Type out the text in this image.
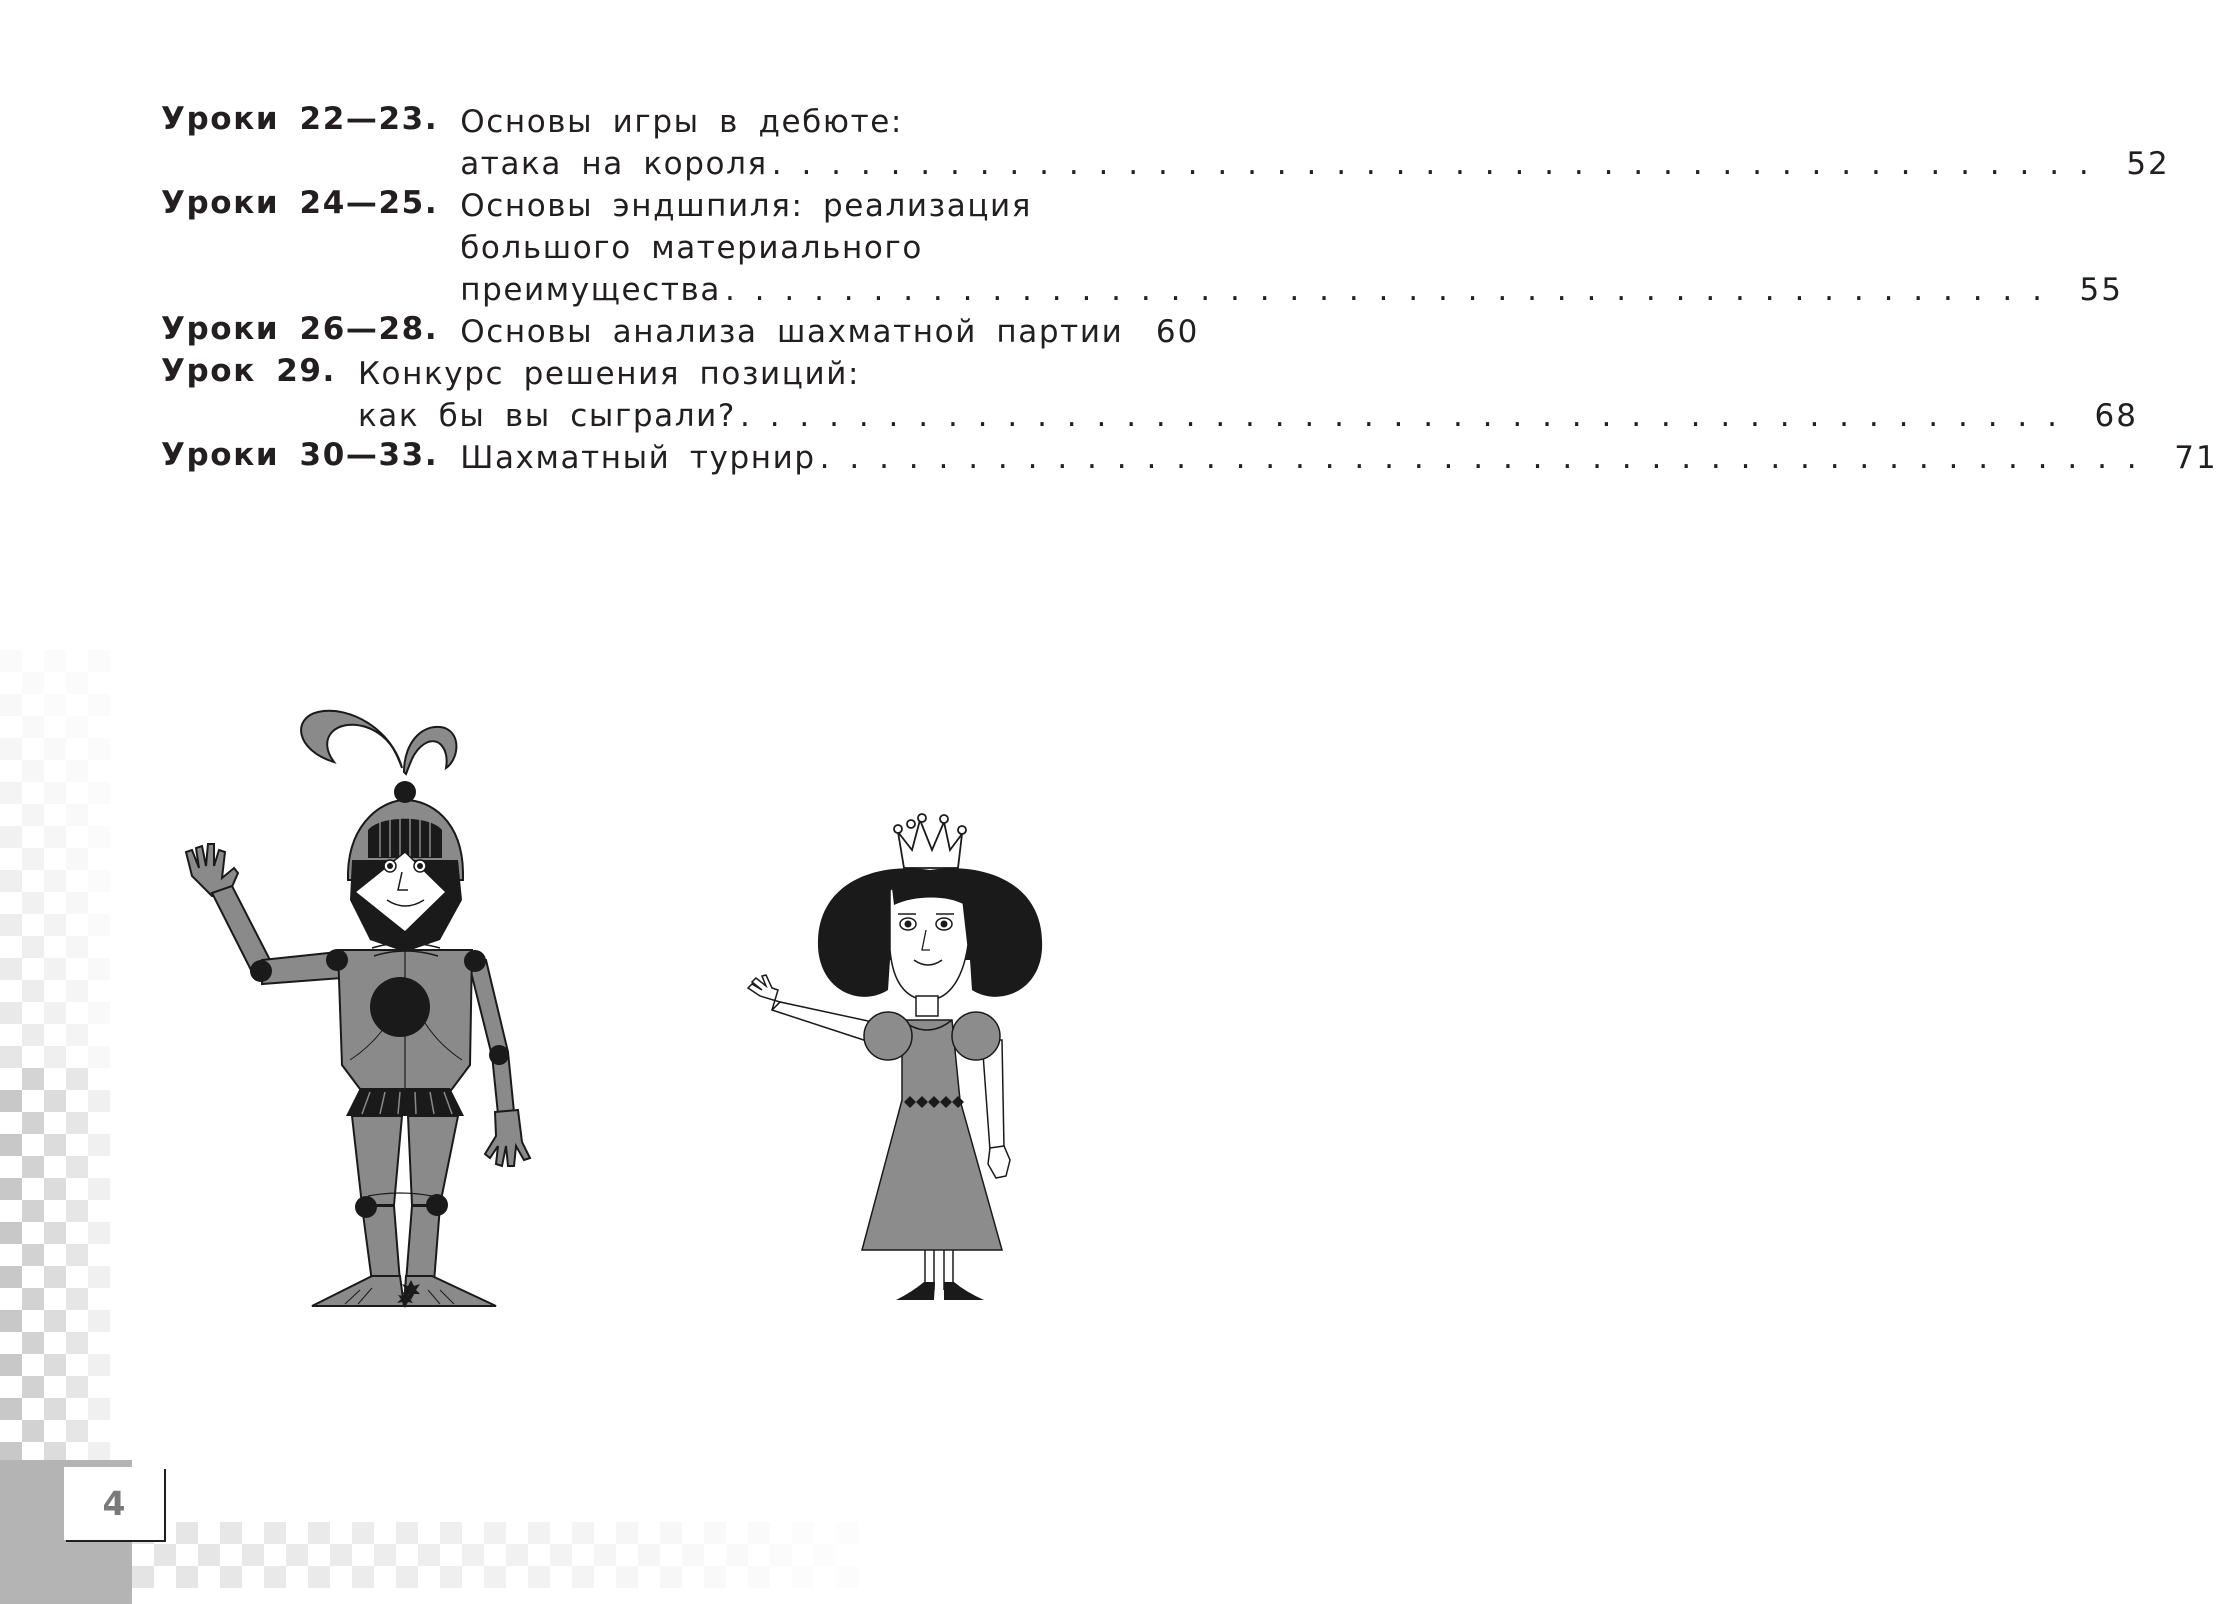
Уроки 22—23. Основы игры в дебюте:
атака на короля . . .	52
Уроки 24—25. Основы эндшпиля: реализация
большого материального
преимущества . . .	55
Уроки 26—28. Основы анализа шахматной партии	60
Урок 29. Конкурс решения позиций:
как бы вы сыграли? . . .	68
Уроки 30—33. Шахматный турнир . . .	71
4
